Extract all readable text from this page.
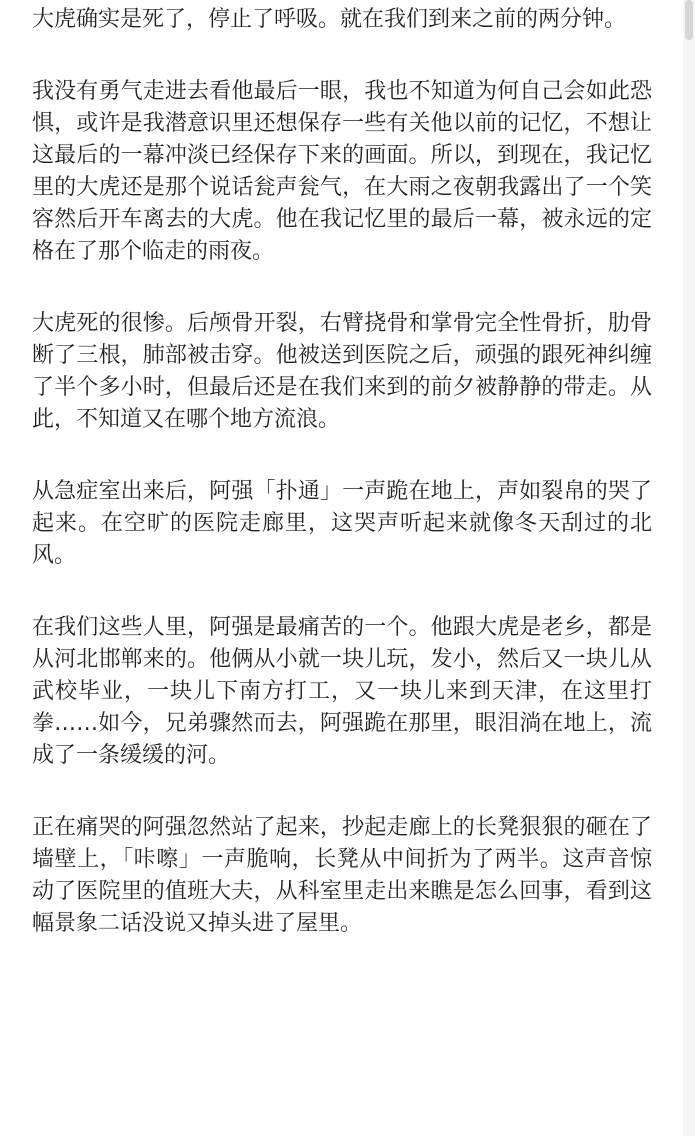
大虎确实是死了，停止了呼吸。就在我们到来之前的两分钟。

我没有勇气走进去看他最后一眼，我也不知道为何自己会如此恐惧，或许是我潜意识里还想保存一些有关他以前的记忆，不想让这最后的一幕冲淡已经保存下来的画面。所以，到现在，我记忆里的大虎还是那个说话瓮声瓮气，在大雨之夜朝我露出了一个笑容然后开车离去的大虎。他在我记忆里的最后一幕，被永远的定格在了那个临走的雨夜。

大虎死的很惨。后颅骨开裂，右臂挠骨和掌骨完全性骨折，肋骨断了三根，肺部被击穿。他被送到医院之后，顽强的跟死神纠缠了半个多小时，但最后还是在我们来到的前夕被静静的带走。从此，不知道又在哪个地方流浪。

从急症室出来后，阿强「扑通」一声跪在地上，声如裂帛的哭了起来。在空旷的医院走廊里，这哭声听起来就像冬天刮过的北风。

在我们这些人里，阿强是最痛苦的一个。他跟大虎是老乡，都是从河北邯郸来的。他俩从小就一块儿玩，发小，然后又一块儿从武校毕业，一块儿下南方打工，又一块儿来到天津，在这里打拳……如今，兄弟骤然而去，阿强跪在那里，眼泪淌在地上，流成了一条缓缓的河。

正在痛哭的阿强忽然站了起来，抄起走廊上的长凳狠狠的砸在了墙壁上，「咔嚓」一声脆响，长凳从中间折为了两半。这声音惊动了医院里的值班大夫，从科室里走出来瞧是怎么回事，看到这幅景象二话没说又掉头进了屋里。
